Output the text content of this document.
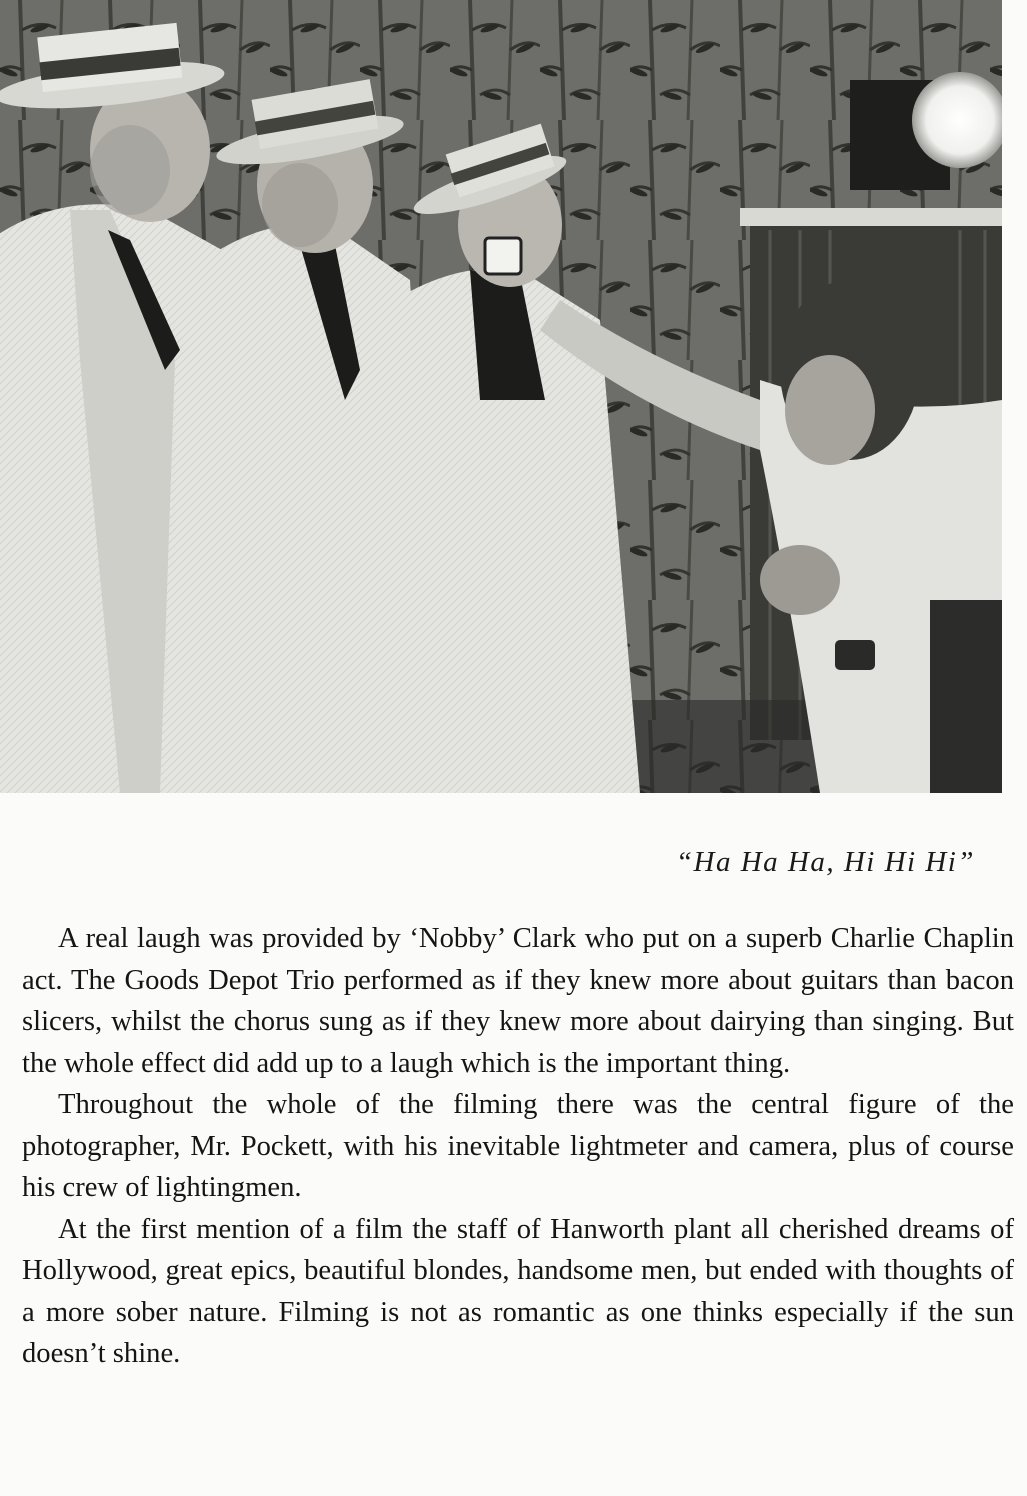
“Ha Ha Ha, Hi Hi Hi”

A real laugh was provided by ‘Nobby’ Clark who put on a superb Charlie Chaplin act. The Goods Depot Trio performed as if they knew more about guitars than bacon slicers, whilst the chorus sung as if they knew more about dairying than singing. But the whole effect did add up to a laugh which is the important thing.

Throughout the whole of the filming there was the central figure of the photographer, Mr. Pockett, with his inevitable lightmeter and camera, plus of course his crew of lightingmen.

At the first mention of a film the staff of Hanworth plant all cherished dreams of Hollywood, great epics, beautiful blondes, handsome men, but ended with thoughts of a more sober nature. Filming is not as romantic as one thinks especially if the sun doesn’t shine.
